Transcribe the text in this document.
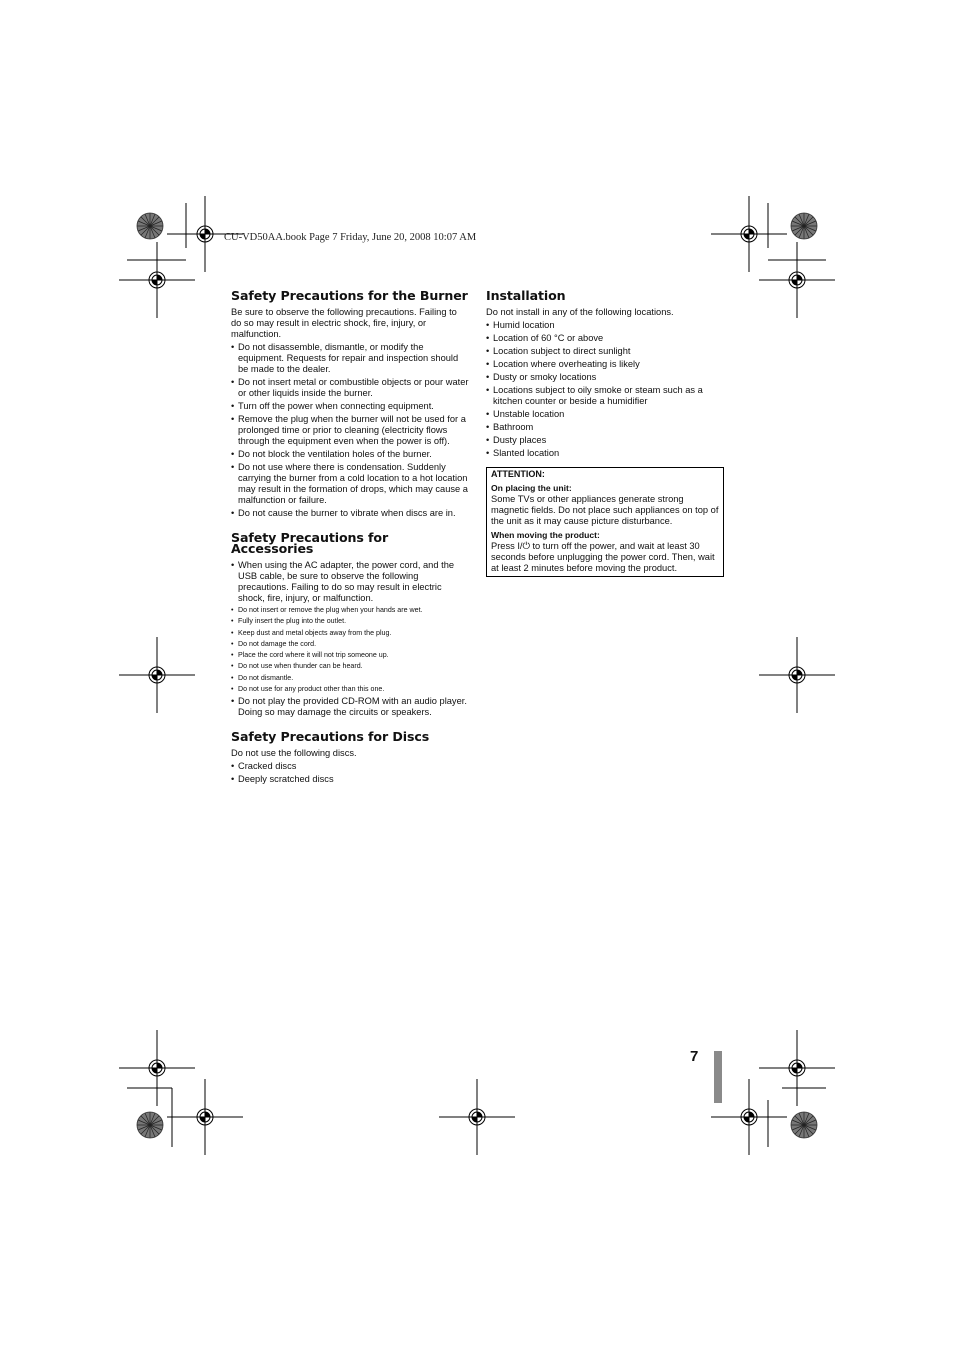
CU-VD50AA.book Page 7 Friday, June 20, 2008 10:07 AM
Safety Precautions for the Burner

Be sure to observe the following precautions. Failing to do so may result in electric shock, fire, injury, or malfunction.

• Do not disassemble, dismantle, or modify the equipment. Requests for repair and inspection should be made to the dealer.
• Do not insert metal or combustible objects or pour water or other liquids inside the burner.
• Turn off the power when connecting equipment.
• Remove the plug when the burner will not be used for a prolonged time or prior to cleaning (electricity flows through the equipment even when the power is off).
• Do not block the ventilation holes of the burner.
• Do not use where there is condensation. Suddenly carrying the burner from a cold location to a hot location may result in the formation of drops, which may cause a malfunction or failure.
• Do not cause the burner to vibrate when discs are in.
Safety Precautions for Accessories
• When using the AC adapter, the power cord, and the USB cable, be sure to observe the following precautions. Failing to do so may result in electric shock, fire, injury, or malfunction.
• Do not insert or remove the plug when your hands are wet.
• Fully insert the plug into the outlet.
• Keep dust and metal objects away from the plug.
• Do not damage the cord.
• Place the cord where it will not trip someone up.
• Do not use when thunder can be heard.
• Do not dismantle.
• Do not use for any product other than this one.
• Do not play the provided CD-ROM with an audio player. Doing so may damage the circuits or speakers.
Safety Precautions for Discs

Do not use the following discs.

• Cracked discs
• Deeply scratched discs
Installation

Do not install in any of the following locations.

• Humid location
• Location of 60 °C or above
• Location subject to direct sunlight
• Location where overheating is likely
• Dusty or smoky locations
• Locations subject to oily smoke or steam such as a kitchen counter or beside a humidifier
• Unstable location
• Bathroom
• Dusty places
• Slanted location
ATTENTION:
On placing the unit:
Some TVs or other appliances generate strong magnetic fields. Do not place such appliances on top of the unit as it may cause picture disturbance.
When moving the product:
Press I/⏻ to turn off the power, and wait at least 30 seconds before unplugging the power cord. Then, wait at least 2 minutes before moving the product.
7
